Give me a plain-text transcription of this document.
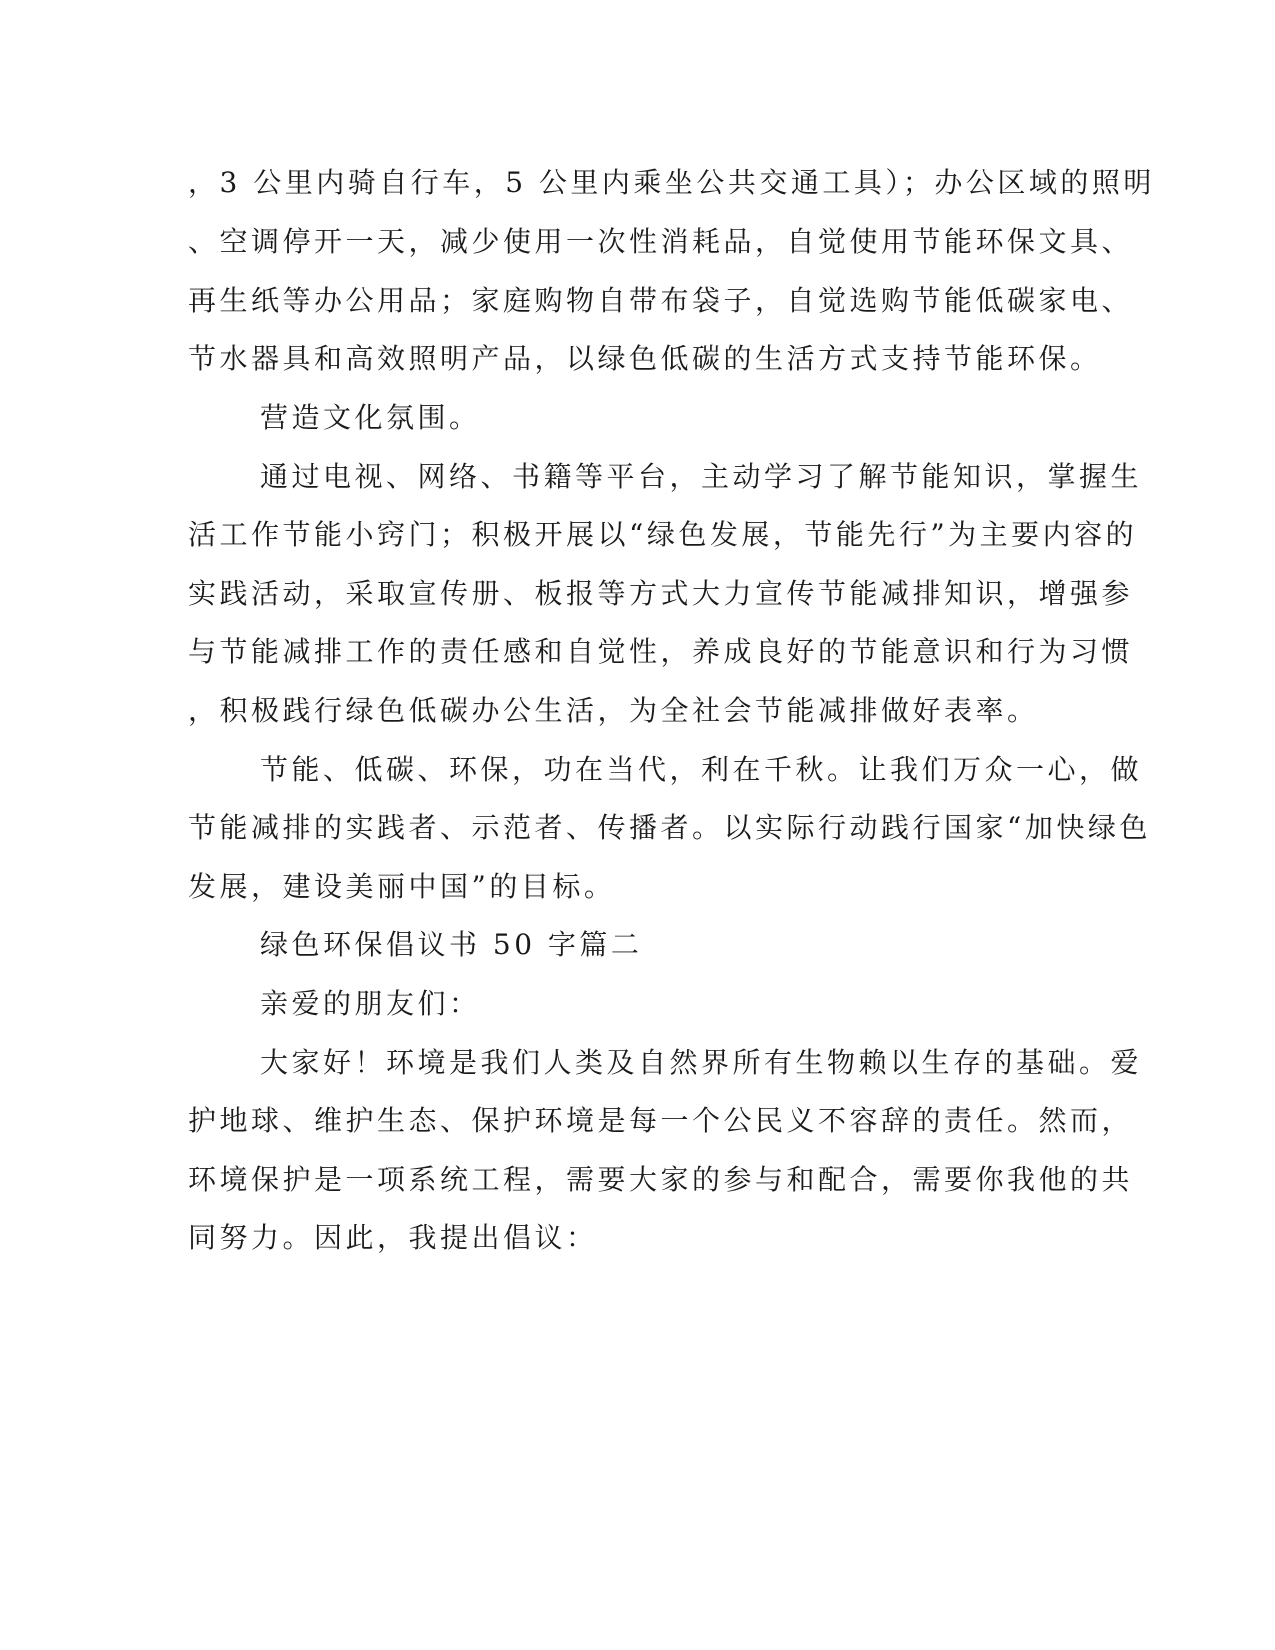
，3 公里内骑自行车，5 公里内乘坐公共交通工具）；办公区域的照明
、空调停开一天，减少使用一次性消耗品，自觉使用节能环保文具、
再生纸等办公用品；家庭购物自带布袋子，自觉选购节能低碳家电、
节水器具和高效照明产品，以绿色低碳的生活方式支持节能环保。
营造文化氛围。
通过电视、网络、书籍等平台，主动学习了解节能知识，掌握生
活工作节能小窍门；积极开展以“绿色发展，节能先行”为主要内容的
实践活动，采取宣传册、板报等方式大力宣传节能减排知识，增强参
与节能减排工作的责任感和自觉性，养成良好的节能意识和行为习惯
，积极践行绿色低碳办公生活，为全社会节能减排做好表率。
节能、低碳、环保，功在当代，利在千秋。让我们万众一心，做
节能减排的实践者、示范者、传播者。以实际行动践行国家“加快绿色
发展，建设美丽中国”的目标。
绿色环保倡议书 50 字篇二
亲爱的朋友们：
大家好！环境是我们人类及自然界所有生物赖以生存的基础。爱
护地球、维护生态、保护环境是每一个公民义不容辞的责任。然而，
环境保护是一项系统工程，需要大家的参与和配合，需要你我他的共
同努力。因此，我提出倡议：
